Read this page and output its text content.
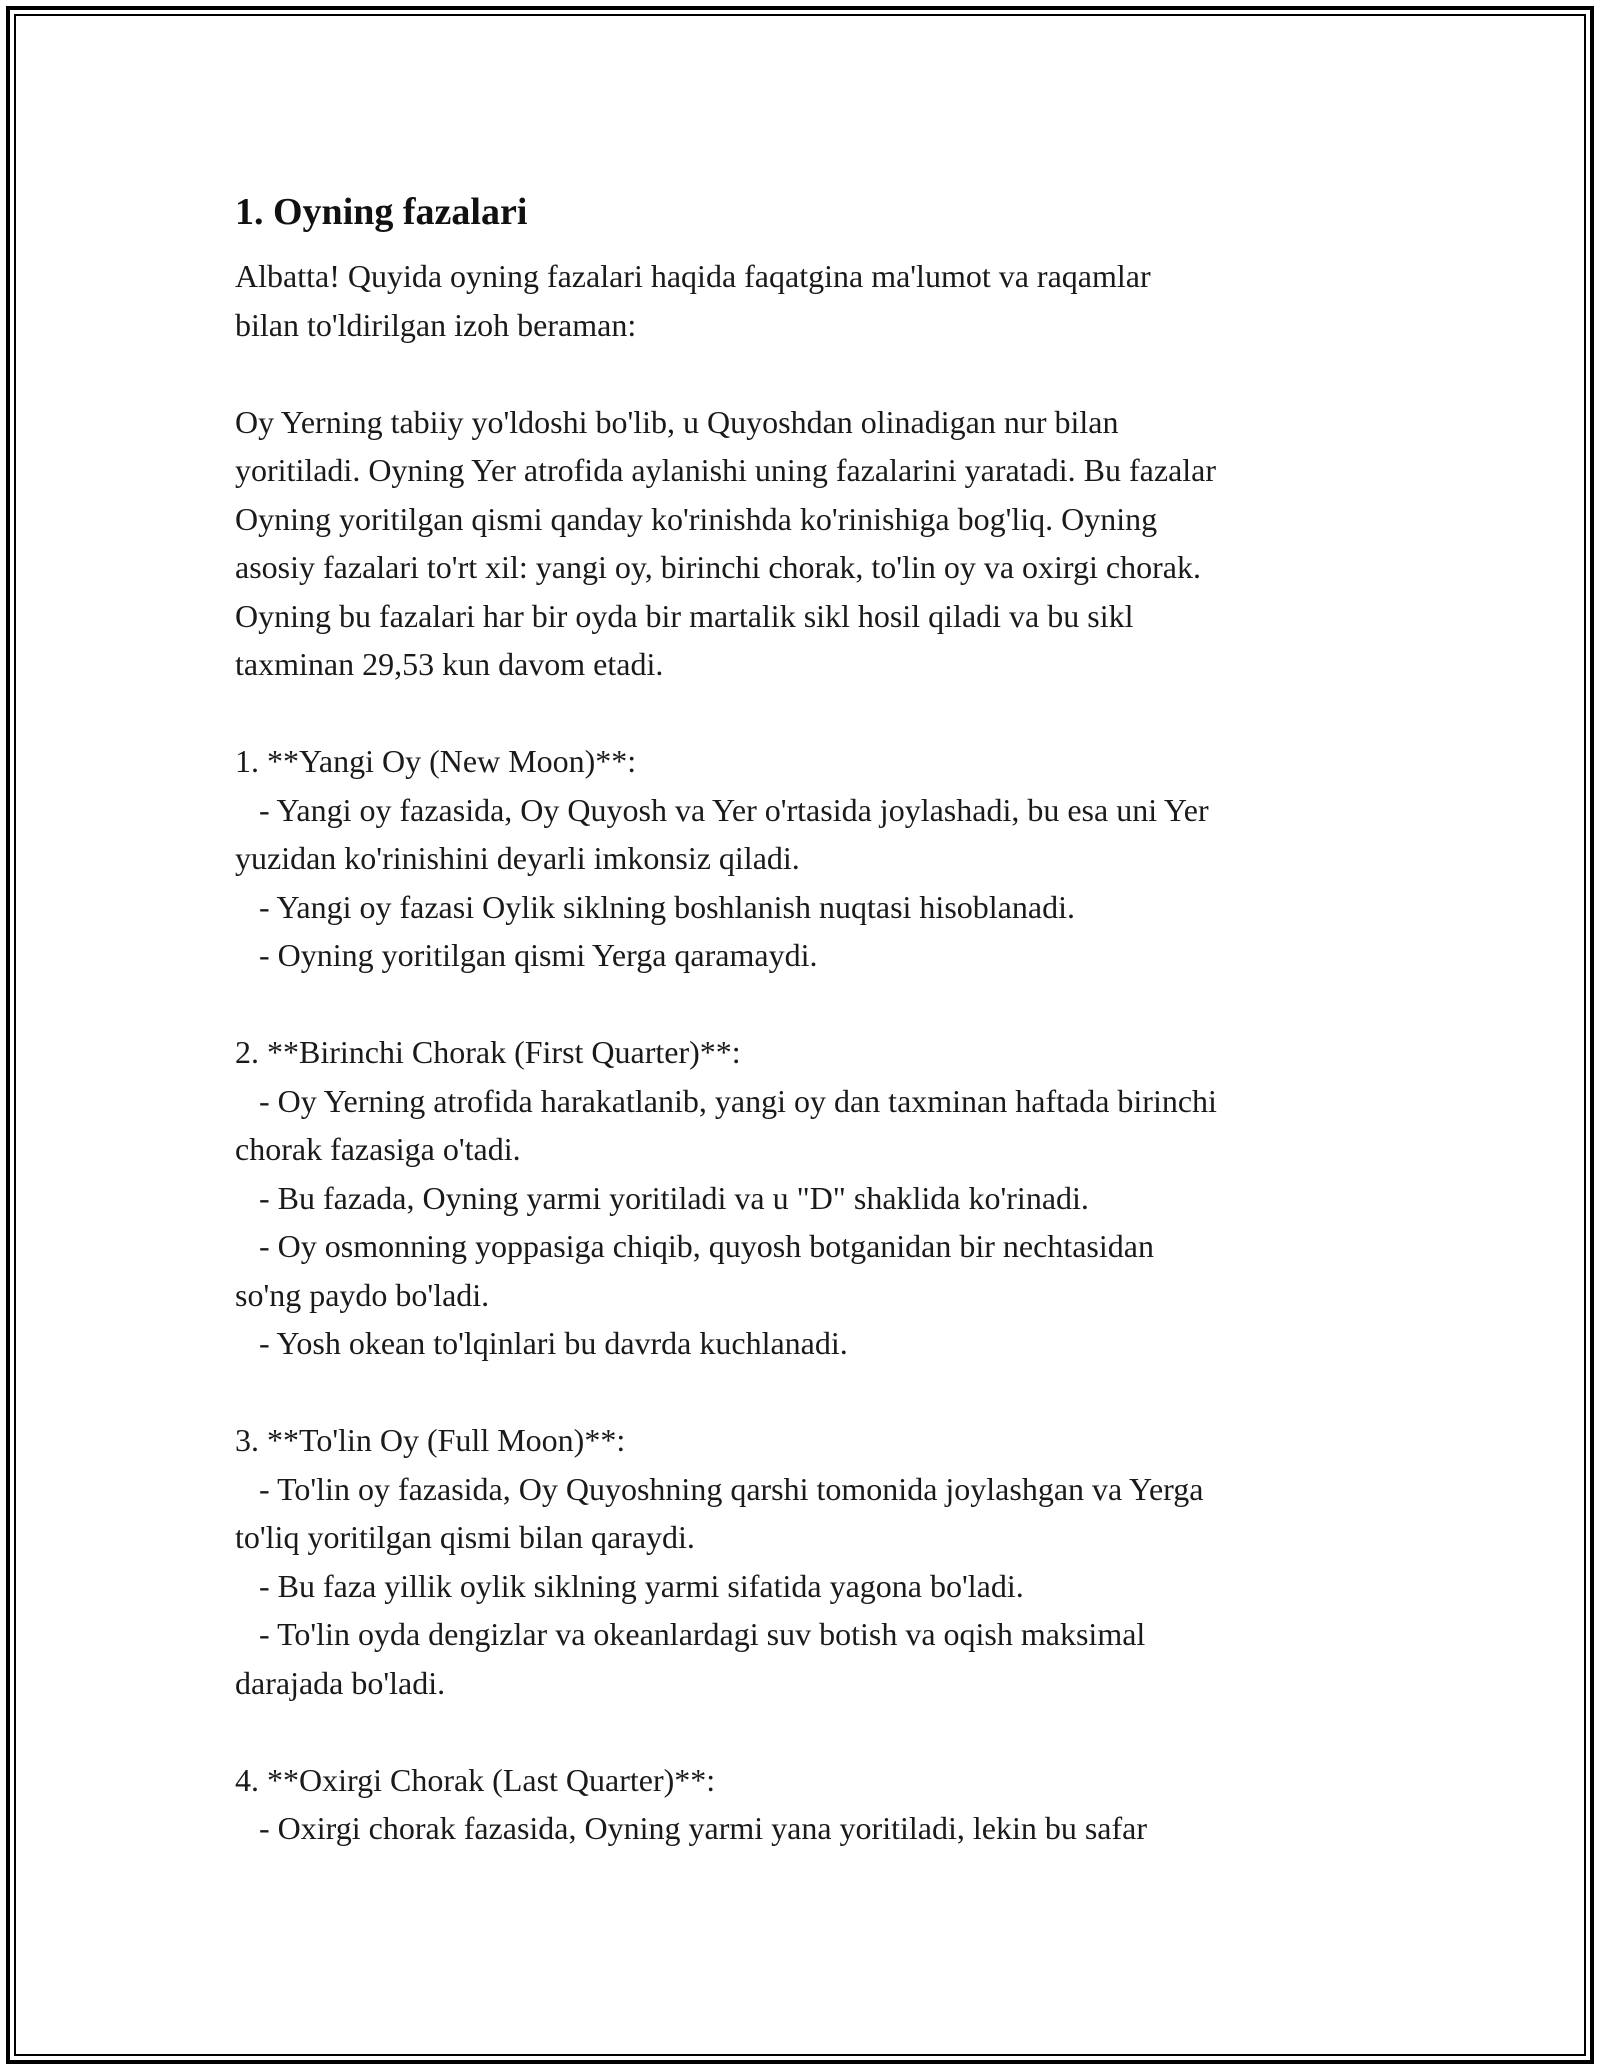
1. Oyning fazalari

Albatta! Quyida oyning fazalari haqida faqatgina ma'lumot va raqamlar
bilan to'ldirilgan izoh beraman:

Oy Yerning tabiiy yo'ldoshi bo'lib, u Quyoshdan olinadigan nur bilan
yoritiladi. Oyning Yer atrofida aylanishi uning fazalarini yaratadi. Bu fazalar
Oyning yoritilgan qismi qanday ko'rinishda ko'rinishiga bog'liq. Oyning
asosiy fazalari to'rt xil: yangi oy, birinchi chorak, to'lin oy va oxirgi chorak.
Oyning bu fazalari har bir oyda bir martalik sikl hosil qiladi va bu sikl
taxminan 29,53 kun davom etadi.

1. **Yangi Oy (New Moon)**:

- Yangi oy fazasida, Oy Quyosh va Yer o'rtasida joylashadi, bu esa uni Yer
yuzidan ko'rinishini deyarli imkonsiz qiladi.

- Yangi oy fazasi Oylik siklning boshlanish nuqtasi hisoblanadi.

- Oyning yoritilgan qismi Yerga qaramaydi.

2. **Birinchi Chorak (First Quarter)**:

- Oy Yerning atrofida harakatlanib, yangi oy dan taxminan haftada birinchi
chorak fazasiga o'tadi.

- Bu fazada, Oyning yarmi yoritiladi va u "D" shaklida ko'rinadi.

- Oy osmonning yoppasiga chiqib, quyosh botganidan bir nechtasidan
so'ng paydo bo'ladi.

- Yosh okean to'lqinlari bu davrda kuchlanadi.

3. **To'lin Oy (Full Moon)**:

- To'lin oy fazasida, Oy Quyoshning qarshi tomonida joylashgan va Yerga
to'liq yoritilgan qismi bilan qaraydi.

- Bu faza yillik oylik siklning yarmi sifatida yagona bo'ladi.

- To'lin oyda dengizlar va okeanlardagi suv botish va oqish maksimal
darajada bo'ladi.

4. **Oxirgi Chorak (Last Quarter)**:

- Oxirgi chorak fazasida, Oyning yarmi yana yoritiladi, lekin bu safar
